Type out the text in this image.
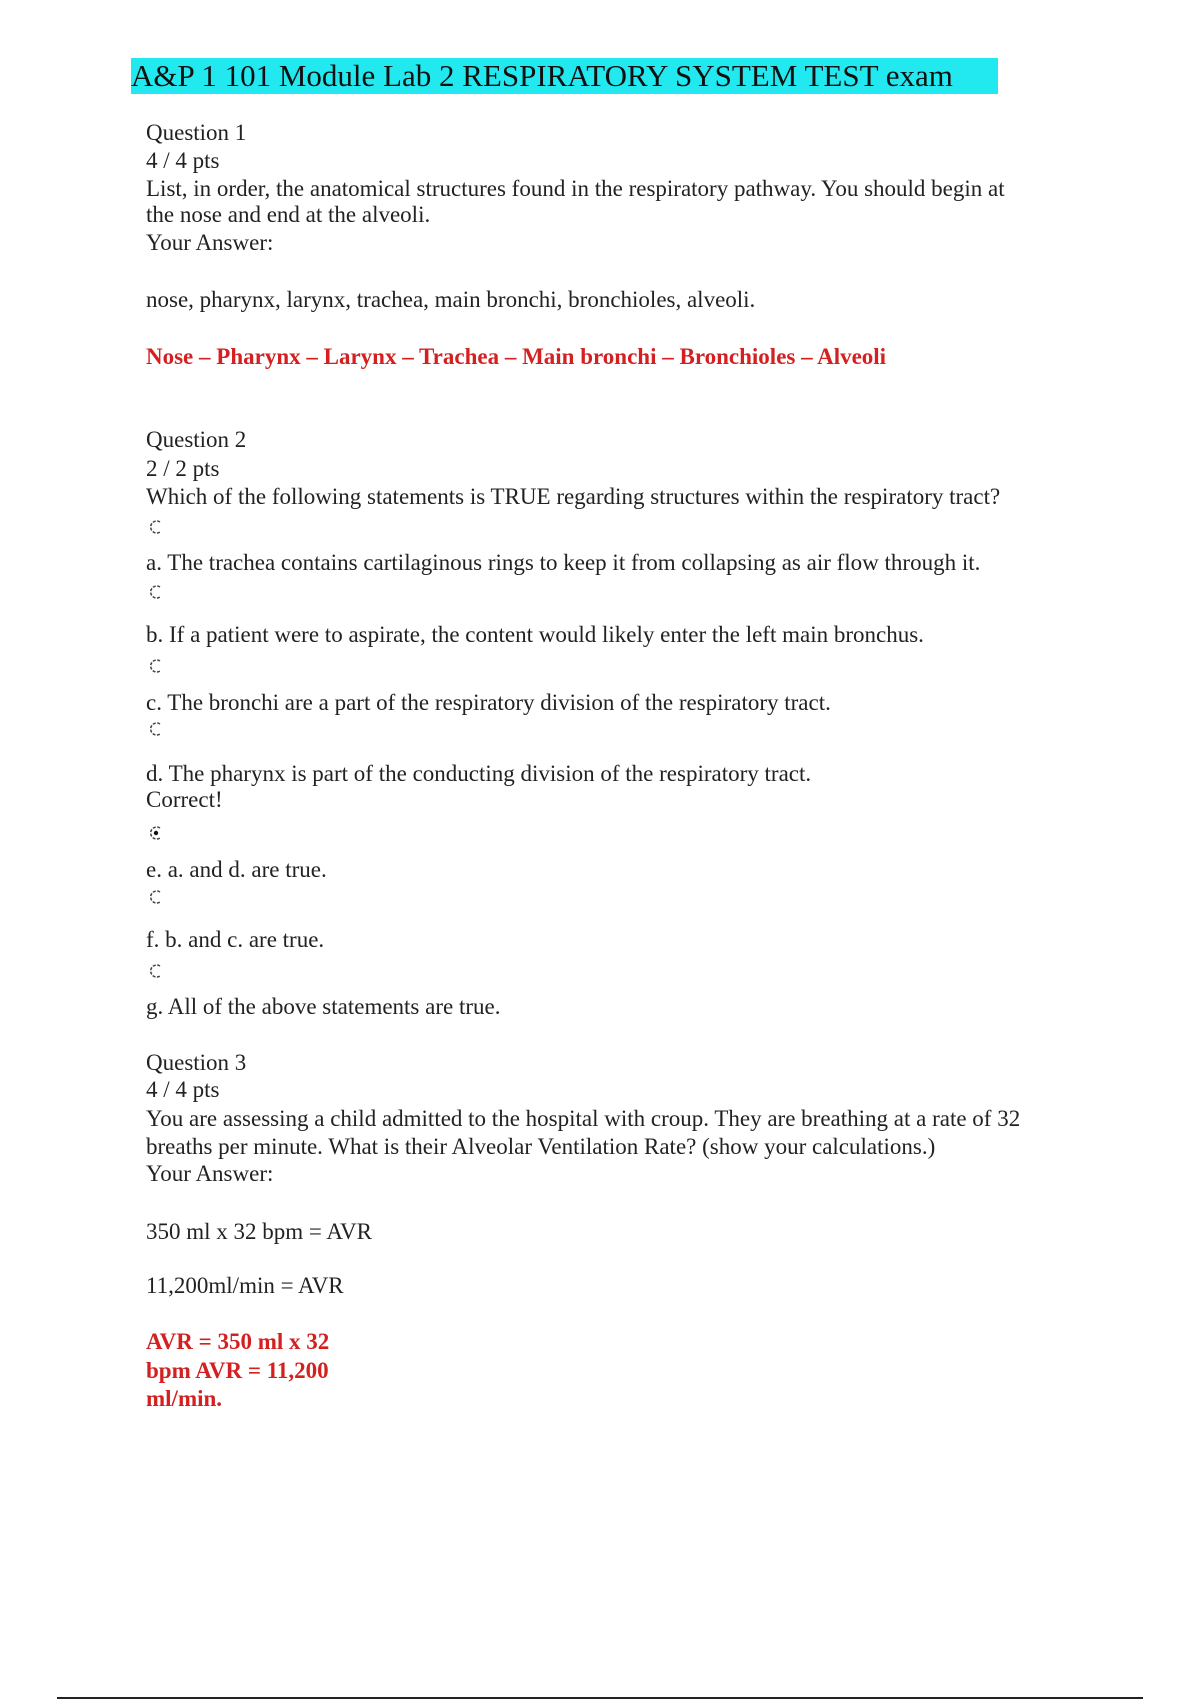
A&P 1 101 Module Lab 2 RESPIRATORY SYSTEM TEST exam
Question 1
4 / 4 pts
List, in order, the anatomical structures found in the respiratory pathway. You should begin at
the nose and end at the alveoli.
Your Answer:
nose, pharynx, larynx, trachea, main bronchi, bronchioles, alveoli.
Nose – Pharynx – Larynx – Trachea – Main bronchi – Bronchioles – Alveoli
Question 2
2 / 2 pts
Which of the following statements is TRUE regarding structures within the respiratory tract?
a. The trachea contains cartilaginous rings to keep it from collapsing as air flow through it.
b. If a patient were to aspirate, the content would likely enter the left main bronchus.
c. The bronchi are a part of the respiratory division of the respiratory tract.
d. The pharynx is part of the conducting division of the respiratory tract.
Correct!
e. a. and d. are true.
f. b. and c. are true.
g. All of the above statements are true.
Question 3
4 / 4 pts
You are assessing a child admitted to the hospital with croup. They are breathing at a rate of 32
breaths per minute. What is their Alveolar Ventilation Rate? (show your calculations.)
Your Answer:
350 ml x 32 bpm = AVR
11,200ml/min = AVR
AVR = 350 ml x 32
bpm AVR = 11,200
ml/min.
